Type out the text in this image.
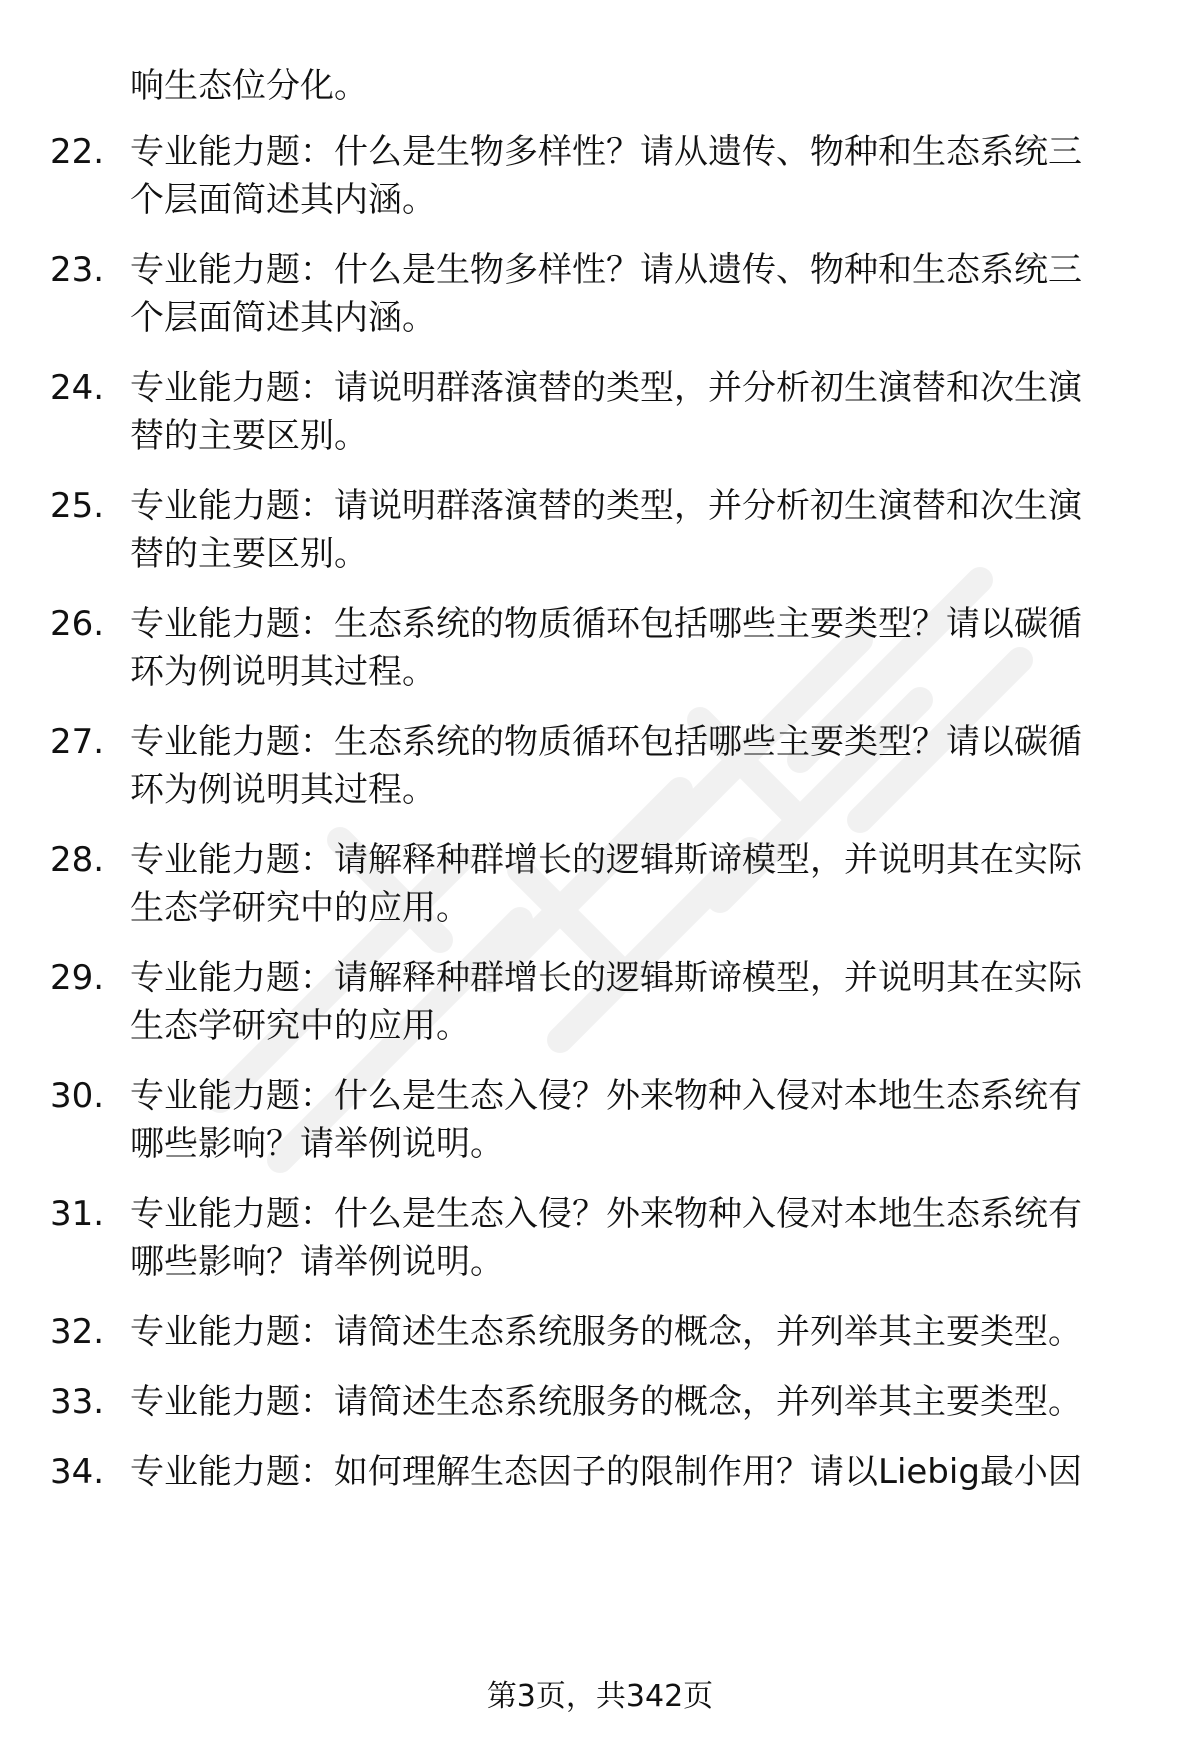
响生态位分化。
22. 专业能力题：什么是生物多样性？请从遗传、物种和生态系统三
个层面简述其内涵。
23. 专业能力题：什么是生物多样性？请从遗传、物种和生态系统三
个层面简述其内涵。
24. 专业能力题：请说明群落演替的类型，并分析初生演替和次生演
替的主要区别。
25. 专业能力题：请说明群落演替的类型，并分析初生演替和次生演
替的主要区别。
26. 专业能力题：生态系统的物质循环包括哪些主要类型？请以碳循
环为例说明其过程。
27. 专业能力题：生态系统的物质循环包括哪些主要类型？请以碳循
环为例说明其过程。
28. 专业能力题：请解释种群增长的逻辑斯谛模型，并说明其在实际
生态学研究中的应用。
29. 专业能力题：请解释种群增长的逻辑斯谛模型，并说明其在实际
生态学研究中的应用。
30. 专业能力题：什么是生态入侵？外来物种入侵对本地生态系统有
哪些影响？请举例说明。
31. 专业能力题：什么是生态入侵？外来物种入侵对本地生态系统有
哪些影响？请举例说明。
32. 专业能力题：请简述生态系统服务的概念，并列举其主要类型。
33. 专业能力题：请简述生态系统服务的概念，并列举其主要类型。
34. 专业能力题：如何理解生态因子的限制作用？请以Liebig最小因
第3页，共342页
